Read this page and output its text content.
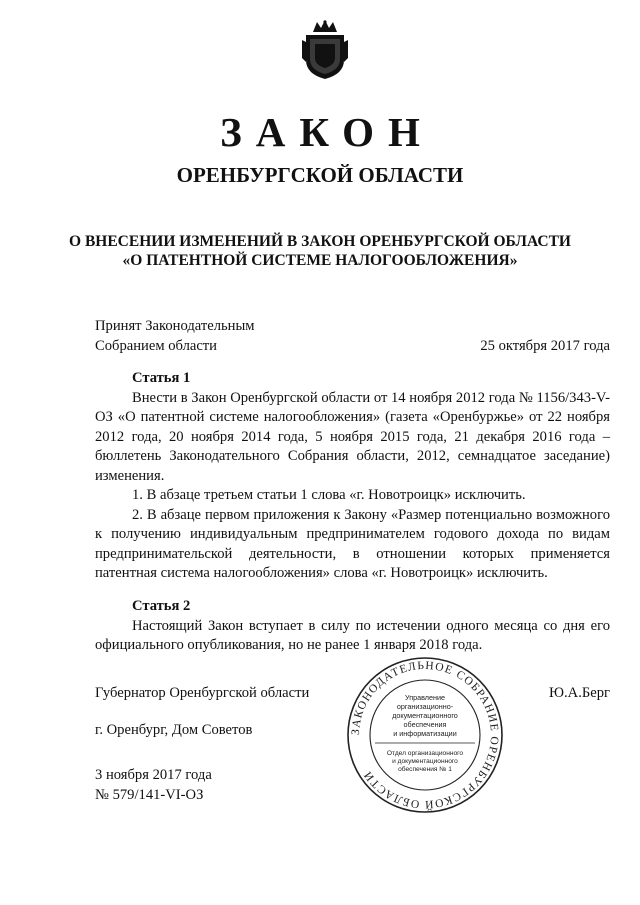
ЗАКОН
ОРЕНБУРГСКОЙ ОБЛАСТИ
О ВНЕСЕНИИ ИЗМЕНЕНИЙ В ЗАКОН ОРЕНБУРГСКОЙ ОБЛАСТИ
«О ПАТЕНТНОЙ СИСТЕМЕ НАЛОГООБЛОЖЕНИЯ»
Принят Законодательным
Собранием области	25 октября 2017 года
Статья 1

Внести в Закон Оренбургской области от 14 ноября 2012 года № 1156/343-V-ОЗ «О патентной системе налогообложения» (газета «Оренбуржье» от 22 ноября 2012 года, 20 ноября 2014 года, 5 ноября 2015 года, 21 декабря 2016 года – бюллетень Законодательного Собрания области, 2012, семнадцатое заседание) изменения.

1. В абзаце третьем статьи 1 слова «г. Новотроицк» исключить.

2. В абзаце первом приложения к Закону «Размер потенциально возможного к получению индивидуальным предпринимателем годового дохода по видам предпринимательской деятельности, в отношении которых применяется патентная система налогообложения» слова «г. Новотроицк» исключить.

Статья 2

Настоящий Закон вступает в силу по истечении одного месяца со дня его официального опубликования, но не ранее 1 января 2018 года.

Губернатор Оренбургской области	Ю.А.Берг
г. Оренбург, Дом Советов
3 ноября 2017 года
№ 579/141-VI-ОЗ
ЗАКОНОДАТЕЛЬНОЕ СОБРАНИЕ ОРЕНБУРГСКОЙ ОБЛАСТИ
Управление
организационно-
документационного
обеспечения
и информатизации
Отдел организационного
и документационного
обеспечения № 1
